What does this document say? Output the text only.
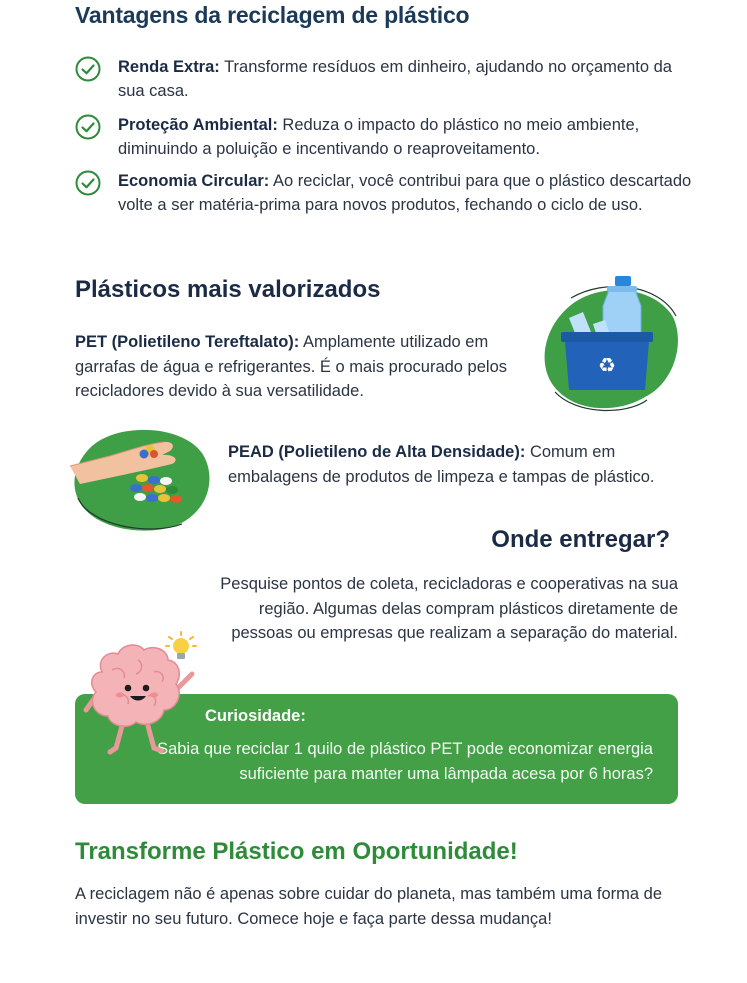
Vantagens da reciclagem de plástico
Renda Extra: Transforme resíduos em dinheiro, ajudando no orçamento da sua casa.
Proteção Ambiental: Reduza o impacto do plástico no meio ambiente, diminuindo a poluição e incentivando o reaproveitamento.
Economia Circular: Ao reciclar, você contribui para que o plástico descartado volte a ser matéria-prima para novos produtos, fechando o ciclo de uso.
Plásticos mais valorizados
PET (Polietileno Tereftalato): Amplamente utilizado em garrafas de água e refrigerantes. É o mais procurado pelos recicladores devido à sua versatilidade.
♻
PEAD (Polietileno de Alta Densidade): Comum em embalagens de produtos de limpeza e tampas de plástico.
Onde entregar?
Pesquise pontos de coleta, recicladoras e cooperativas na sua região. Algumas delas compram plásticos diretamente de pessoas ou empresas que realizam a separação do material.
Curiosidade:
Sabia que reciclar 1 quilo de plástico PET pode economizar energia suficiente para manter uma lâmpada acesa por 6 horas?
Transforme Plástico em Oportunidade!
A reciclagem não é apenas sobre cuidar do planeta, mas também uma forma de investir no seu futuro. Comece hoje e faça parte dessa mudança!
